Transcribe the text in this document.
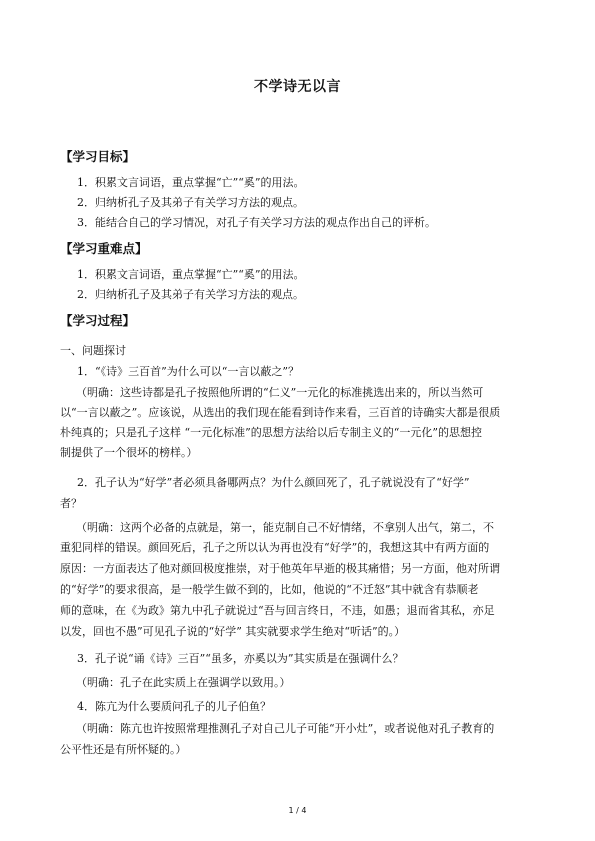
不学诗无以言
【学习目标】
1．积累文言词语，重点掌握“亡”“奚”的用法。
2．归纳析孔子及其弟子有关学习方法的观点。
3．能结合自己的学习情况，对孔子有关学习方法的观点作出自己的评析。
【学习重难点】
1．积累文言词语，重点掌握“亡”“奚”的用法。
2．归纳析孔子及其弟子有关学习方法的观点。
【学习过程】
一、问题探讨
1．“《诗》三百首”为什么可以“一言以蔽之”？
（明确：这些诗都是孔子按照他所谓的“仁义”一元化的标准挑选出来的，所以当然可
以“一言以蔽之”。应该说，从选出的我们现在能看到诗作来看，三百首的诗确实大都是很质
朴纯真的；只是孔子这样 “一元化标准”的思想方法给以后专制主义的“一元化”的思想控
制提供了一个很坏的榜样。）
2．孔子认为“好学”者必须具备哪两点？为什么颜回死了，孔子就说没有了“好学”
者？
（明确：这两个必备的点就是，第一，能克制自己不好情绪，不拿别人出气，第二，不
重犯同样的错误。颜回死后，孔子之所以认为再也没有“好学”的，我想这其中有两方面的
原因：一方面表达了他对颜回极度推崇，对于他英年早逝的极其痛惜；另一方面，他对所谓
的“好学”的要求很高，是一般学生做不到的，比如，他说的“不迁怒”其中就含有恭顺老
师的意味，在《为政》第九中孔子就说过“吾与回言终日，不违，如愚；退而省其私，亦足
以发，回也不愚”可见孔子说的“好学” 其实就要求学生绝对“听话”的。）
3．孔子说“诵《诗》三百”“虽多，亦奚以为”其实质是在强调什么？
（明确：孔子在此实质上在强调学以致用。）
4．陈亢为什么要质问孔子的儿子伯鱼？
（明确：陈亢也许按照常理推测孔子对自己儿子可能“开小灶”，或者说他对孔子教育的
公平性还是有所怀疑的。）
1 / 4
